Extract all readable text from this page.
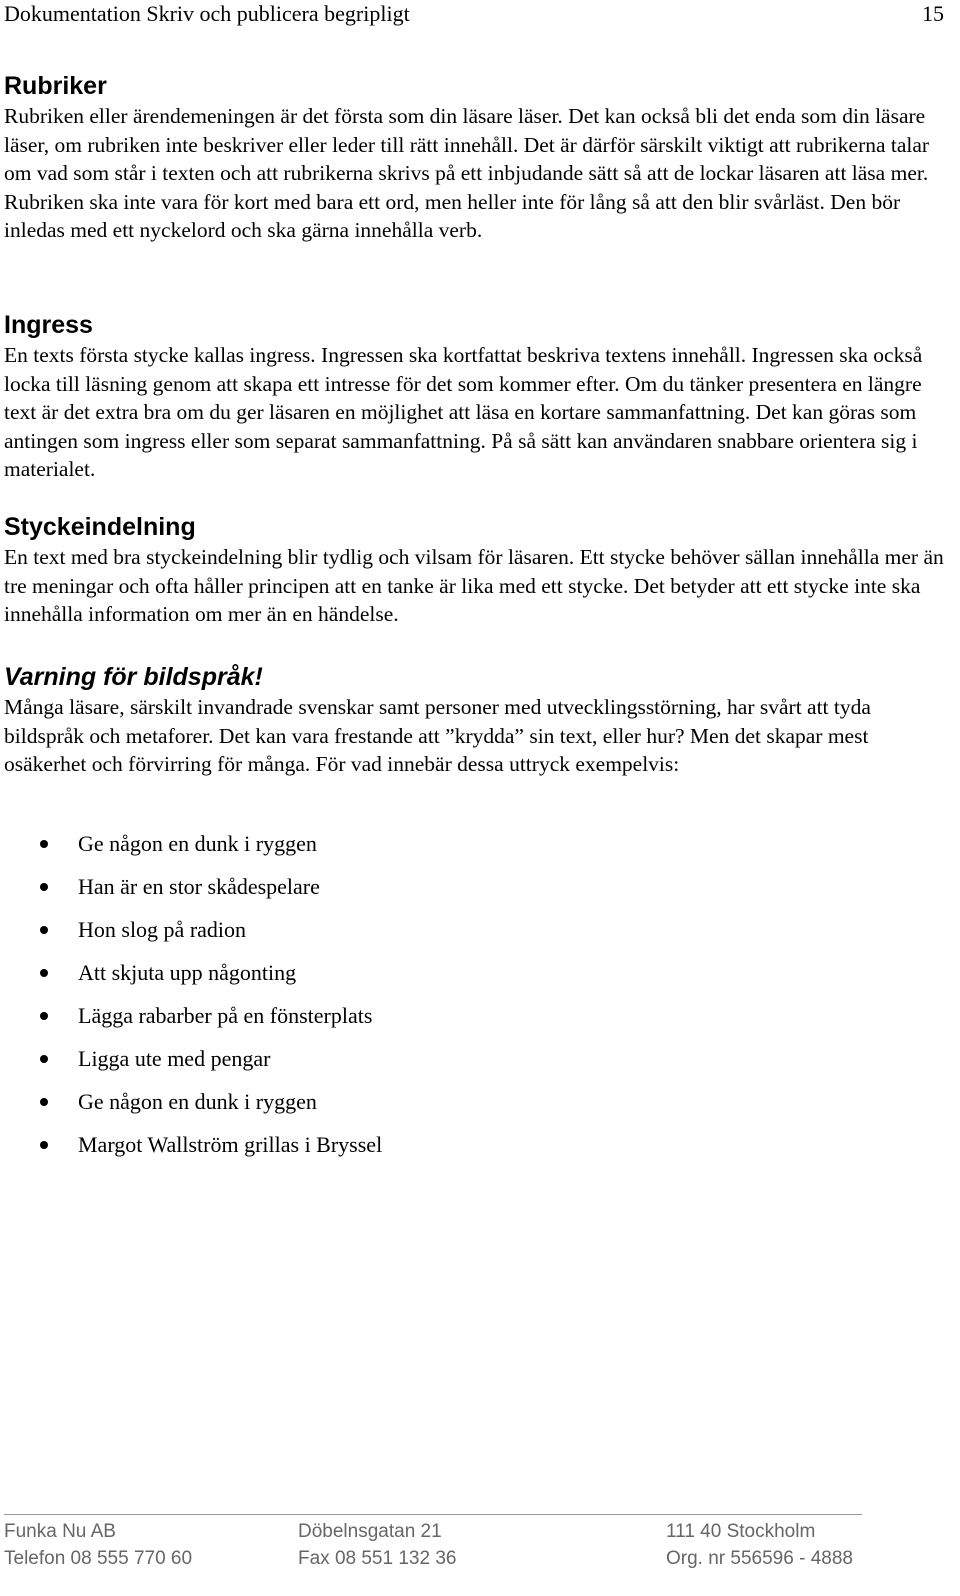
Dokumentation Skriv och publicera begripligt	15
Rubriker

Rubriken eller ärendemeningen är det första som din läsare läser. Det kan också bli det enda som din läsare läser, om rubriken inte beskriver eller leder till rätt innehåll. Det är därför särskilt viktigt att rubrikerna talar om vad som står i texten och att rubrikerna skrivs på ett inbjudande sätt så att de lockar läsaren att läsa mer. Rubriken ska inte vara för kort med bara ett ord, men heller inte för lång så att den blir svårläst. Den bör inledas med ett nyckelord och ska gärna innehålla verb.

Ingress

En texts första stycke kallas ingress. Ingressen ska kortfattat beskriva textens innehåll. Ingressen ska också locka till läsning genom att skapa ett intresse för det som kommer efter. Om du tänker presentera en längre text är det extra bra om du ger läsaren en möjlighet att läsa en kortare sammanfattning. Det kan göras som antingen som ingress eller som separat sammanfattning. På så sätt kan användaren snabbare orientera sig i materialet.

Styckeindelning

En text med bra styckeindelning blir tydlig och vilsam för läsaren. Ett stycke behöver sällan innehålla mer än tre meningar och ofta håller principen att en tanke är lika med ett stycke. Det betyder att ett stycke inte ska innehålla information om mer än en händelse.

Varning för bildspråk!

Många läsare, särskilt invandrade svenskar samt personer med utvecklingsstörning, har svårt att tyda bildspråk och metaforer. Det kan vara frestande att ”krydda” sin text, eller hur? Men det skapar mest osäkerhet och förvirring för många. För vad innebär dessa uttryck exempelvis:

Ge någon en dunk i ryggen
Han är en stor skådespelare
Hon slog på radion
Att skjuta upp någonting
Lägga rabarber på en fönsterplats
Ligga ute med pengar
Ge någon en dunk i ryggen
Margot Wallström grillas i Bryssel
Funka Nu AB
Telefon 08 555 770 60
Döbelnsgatan 21
Fax 08 551 132 36
111 40 Stockholm
Org. nr 556596 - 4888
